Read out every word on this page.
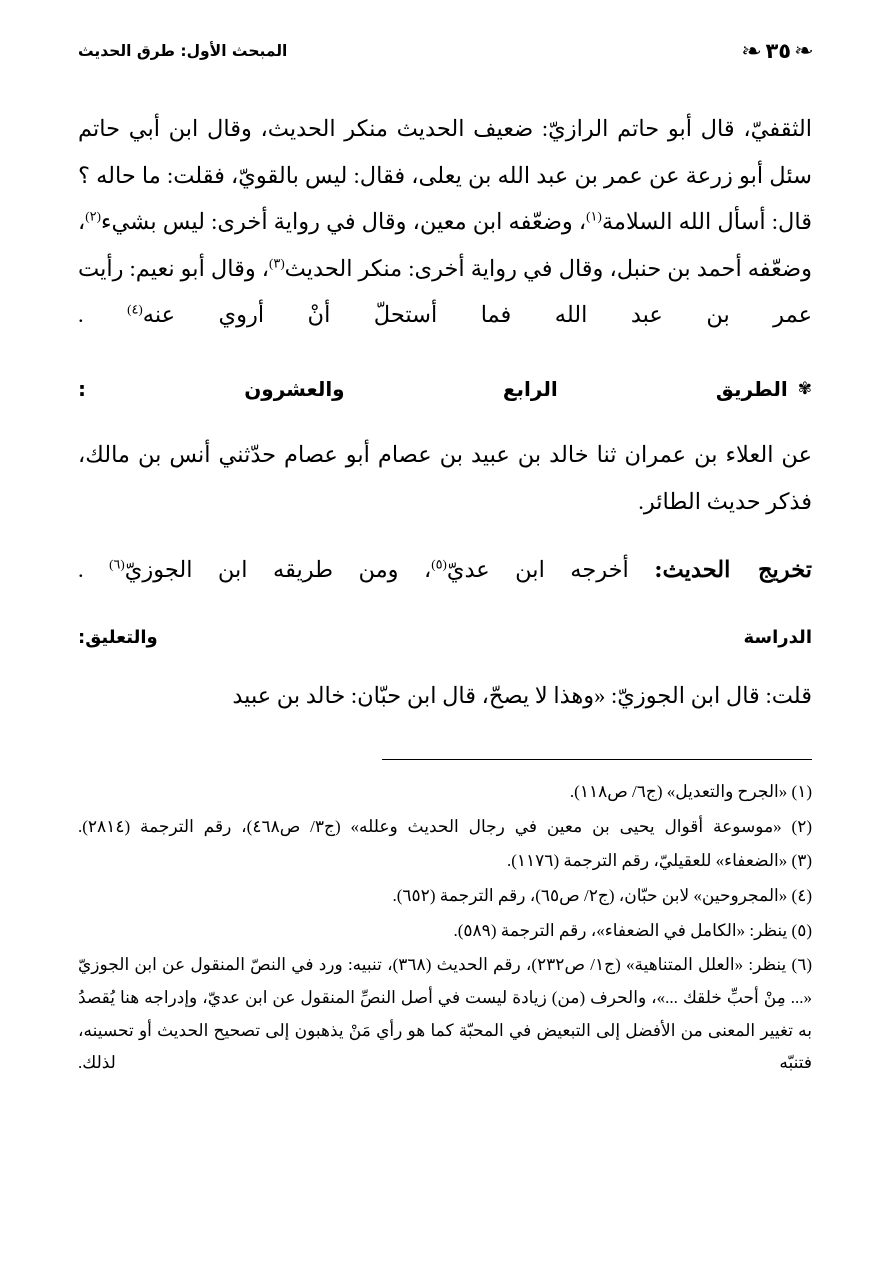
المبحث الأول: طرق الحديث	❧
٣٥
☙

الثقفيّ، قال أبو حاتم الرازيّ: ضعيف الحديث منكر الحديث، وقال ابن أبي حاتم سئل أبو زرعة عن عمر بن عبد الله بن يعلى، فقال: ليس بالقويّ، فقلت: ما حاله ؟ قال: أسأل الله السلامة$^{(١)}$، وضعّفه ابن معين، وقال في رواية أخرى: ليس بشيء$^{(٢)}$، وضعّفه أحمد بن حنبل، وقال في رواية أخرى: منكر الحديث$^{(٣)}$، وقال أبو نعيم: رأيت عمر بن عبد الله فما أستحلّ أنْ أروي عنه$^{(٤)}$ .

✾الطريق الرابع والعشرون :

عن العلاء بن عمران ثنا خالد بن عبيد بن عصام أبو عصام حدّثني أنس بن مالك، فذكر حديث الطائر.

تخريج الحديث: أخرجه ابن عديّ$^{(٥)}$، ومن طريقه ابن الجوزيّ$^{(٦)}$ .
الدراسة والتعليق:

قلت: قال ابن الجوزيّ: «وهذا لا يصحّ، قال ابن حبّان: خالد بن عبيد

(١) «الجرح والتعديل» (ج٦/ ص١١٨).

(٢) «موسوعة أقوال يحيى بن معين في رجال الحديث وعلله» (ج٣/ ص٤٦٨)، رقم الترجمة (٢٨١٤).

(٣) «الضعفاء» للعقيليّ، رقم الترجمة (١١٧٦).

(٤) «المجروحين» لابن حبّان، (ج٢/ ص٦٥)، رقم الترجمة (٦٥٢).

(٥) ينظر: «الكامل في الضعفاء»، رقم الترجمة (٥٨٩).

(٦) ينظر: «العلل المتناهية» (ج١/ ص٢٣٢)، رقم الحديث (٣٦٨)، تنبيه: ورد في النصّ المنقول عن ابن الجوزيّ «... مِنْ أحبِّ خلقك ...»، والحرف (من) زيادة ليست في أصل النصِّ المنقول عن ابن عديّ، وإدراجه هنا يُقصدُ به تغيير المعنى من الأفضل إلى التبعيض في المحبّة كما هو رأي مَنْ يذهبون إلى تصحيح الحديث أو تحسينه، فتنبّه لذلك.
